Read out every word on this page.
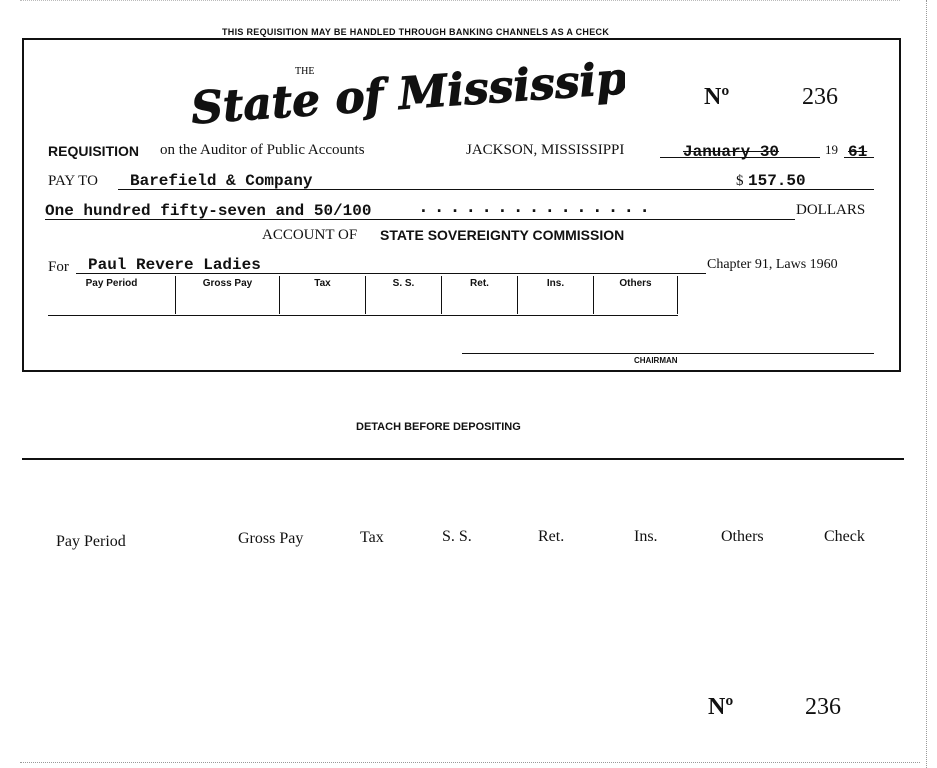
THIS REQUISITION MAY BE HANDLED THROUGH BANKING CHANNELS AS A CHECK
THE
State of Mississippi Nº	236
REQUISITION on the Auditor of Public Accounts	JACKSON, MISSISSIPPI	January 30	19 61
PAY TO Barefield & Company	$ 157.50
One hundred fifty-seven and 50/100	...............	DOLLARS
ACCOUNT OF STATE SOVEREIGNTY COMMISSION
For Paul Revere Ladies	Chapter 91, Laws 1960
Pay Period	Gross Pay	Tax	S. S.	Ret.	Ins.	Others
CHAIRMAN
DETACH BEFORE DEPOSITING
Pay Period	Gross Pay	Tax	S. S.	Ret.	Ins.	Others	Check
Nº	236
